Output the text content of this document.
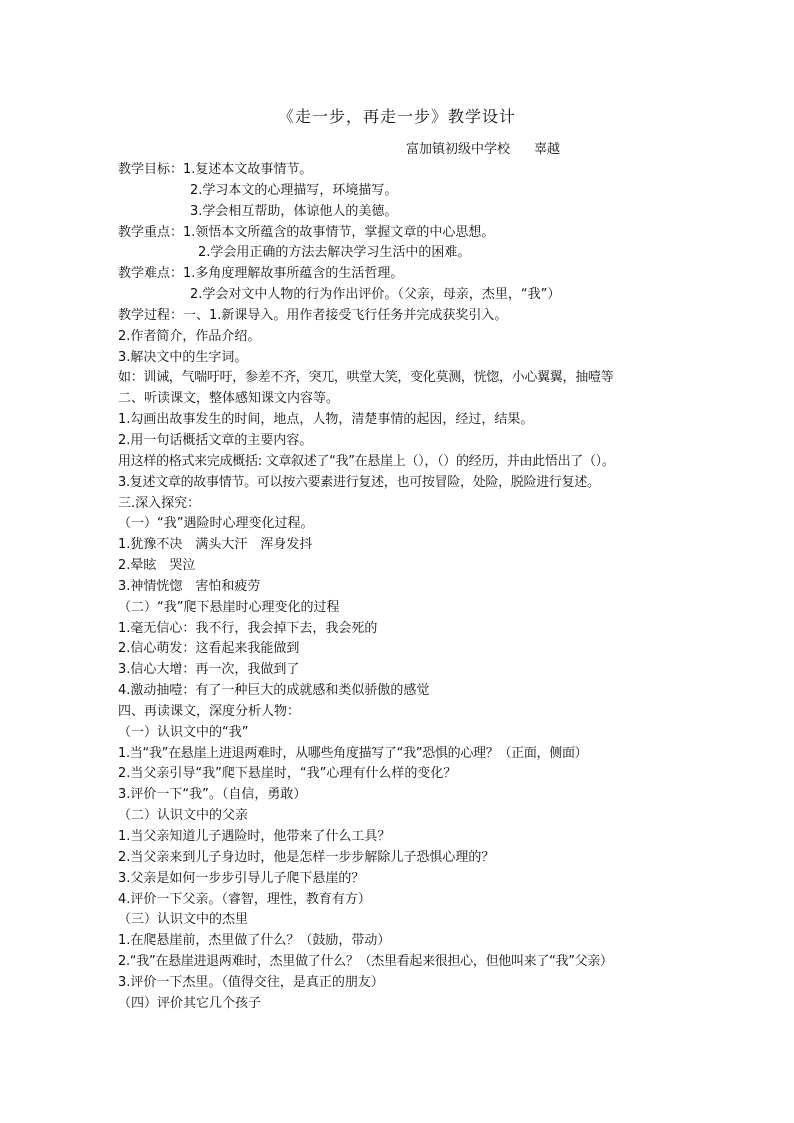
《走一步，再走一步》教学设计
富加镇初级中学校 辜越
教学目标：1.复述本文故事情节。
2.学习本文的心理描写，环境描写。
3.学会相互帮助，体谅他人的美德。
教学重点：1.领悟本文所蕴含的故事情节，掌握文章的中心思想。
2.学会用正确的方法去解决学习生活中的困难。
教学难点：1.多角度理解故事所蕴含的生活哲理。
2.学会对文中人物的行为作出评价。（父亲，母亲，杰里，“我”）
教学过程：一、1.新课导入。用作者接受飞行任务并完成获奖引入。
2.作者简介，作品介绍。
3.解决文中的生字词。
如：训诫，气喘吁吁，参差不齐，突兀，哄堂大笑，变化莫测，恍惚，小心翼翼，抽噎等
二、听读课文，整体感知课文内容等。
1.勾画出故事发生的时间，地点，人物，清楚事情的起因，经过，结果。
2.用一句话概括文章的主要内容。
用这样的格式来完成概括: 文章叙述了“我”在悬崖上（），（）的经历，并由此悟出了（）。
3.复述文章的故事情节。可以按六要素进行复述，也可按冒险，处险，脱险进行复述。
三.深入探究：
（一）“我”遇险时心理变化过程。
1.犹豫不决　满头大汗　浑身发抖
2.晕眩　哭泣
3.神情恍惚　害怕和疲劳
（二）“我”爬下悬崖时心理变化的过程
1.毫无信心：我不行，我会掉下去，我会死的
2.信心萌发：这看起来我能做到
3.信心大增：再一次，我做到了
4.激动抽噎：有了一种巨大的成就感和类似骄傲的感觉
四、再读课文，深度分析人物：
（一）认识文中的“我”
1.当“我”在悬崖上进退两难时，从哪些角度描写了“我”恐惧的心理？（正面，侧面）
2.当父亲引导“我”爬下悬崖时，“我”心理有什么样的变化？
3.评价一下“我”。（自信，勇敢）
（二）认识文中的父亲
1.当父亲知道儿子遇险时，他带来了什么工具？
2.当父亲来到儿子身边时，他是怎样一步步解除儿子恐惧心理的？
3.父亲是如何一步步引导儿子爬下悬崖的？
4.评价一下父亲。（睿智，理性，教育有方）
（三）认识文中的杰里
1.在爬悬崖前，杰里做了什么？（鼓励，带动）
2.“我”在悬崖进退两难时，杰里做了什么？（杰里看起来很担心，但他叫来了“我”父亲）
3.评价一下杰里。（值得交往，是真正的朋友）
（四）评价其它几个孩子
